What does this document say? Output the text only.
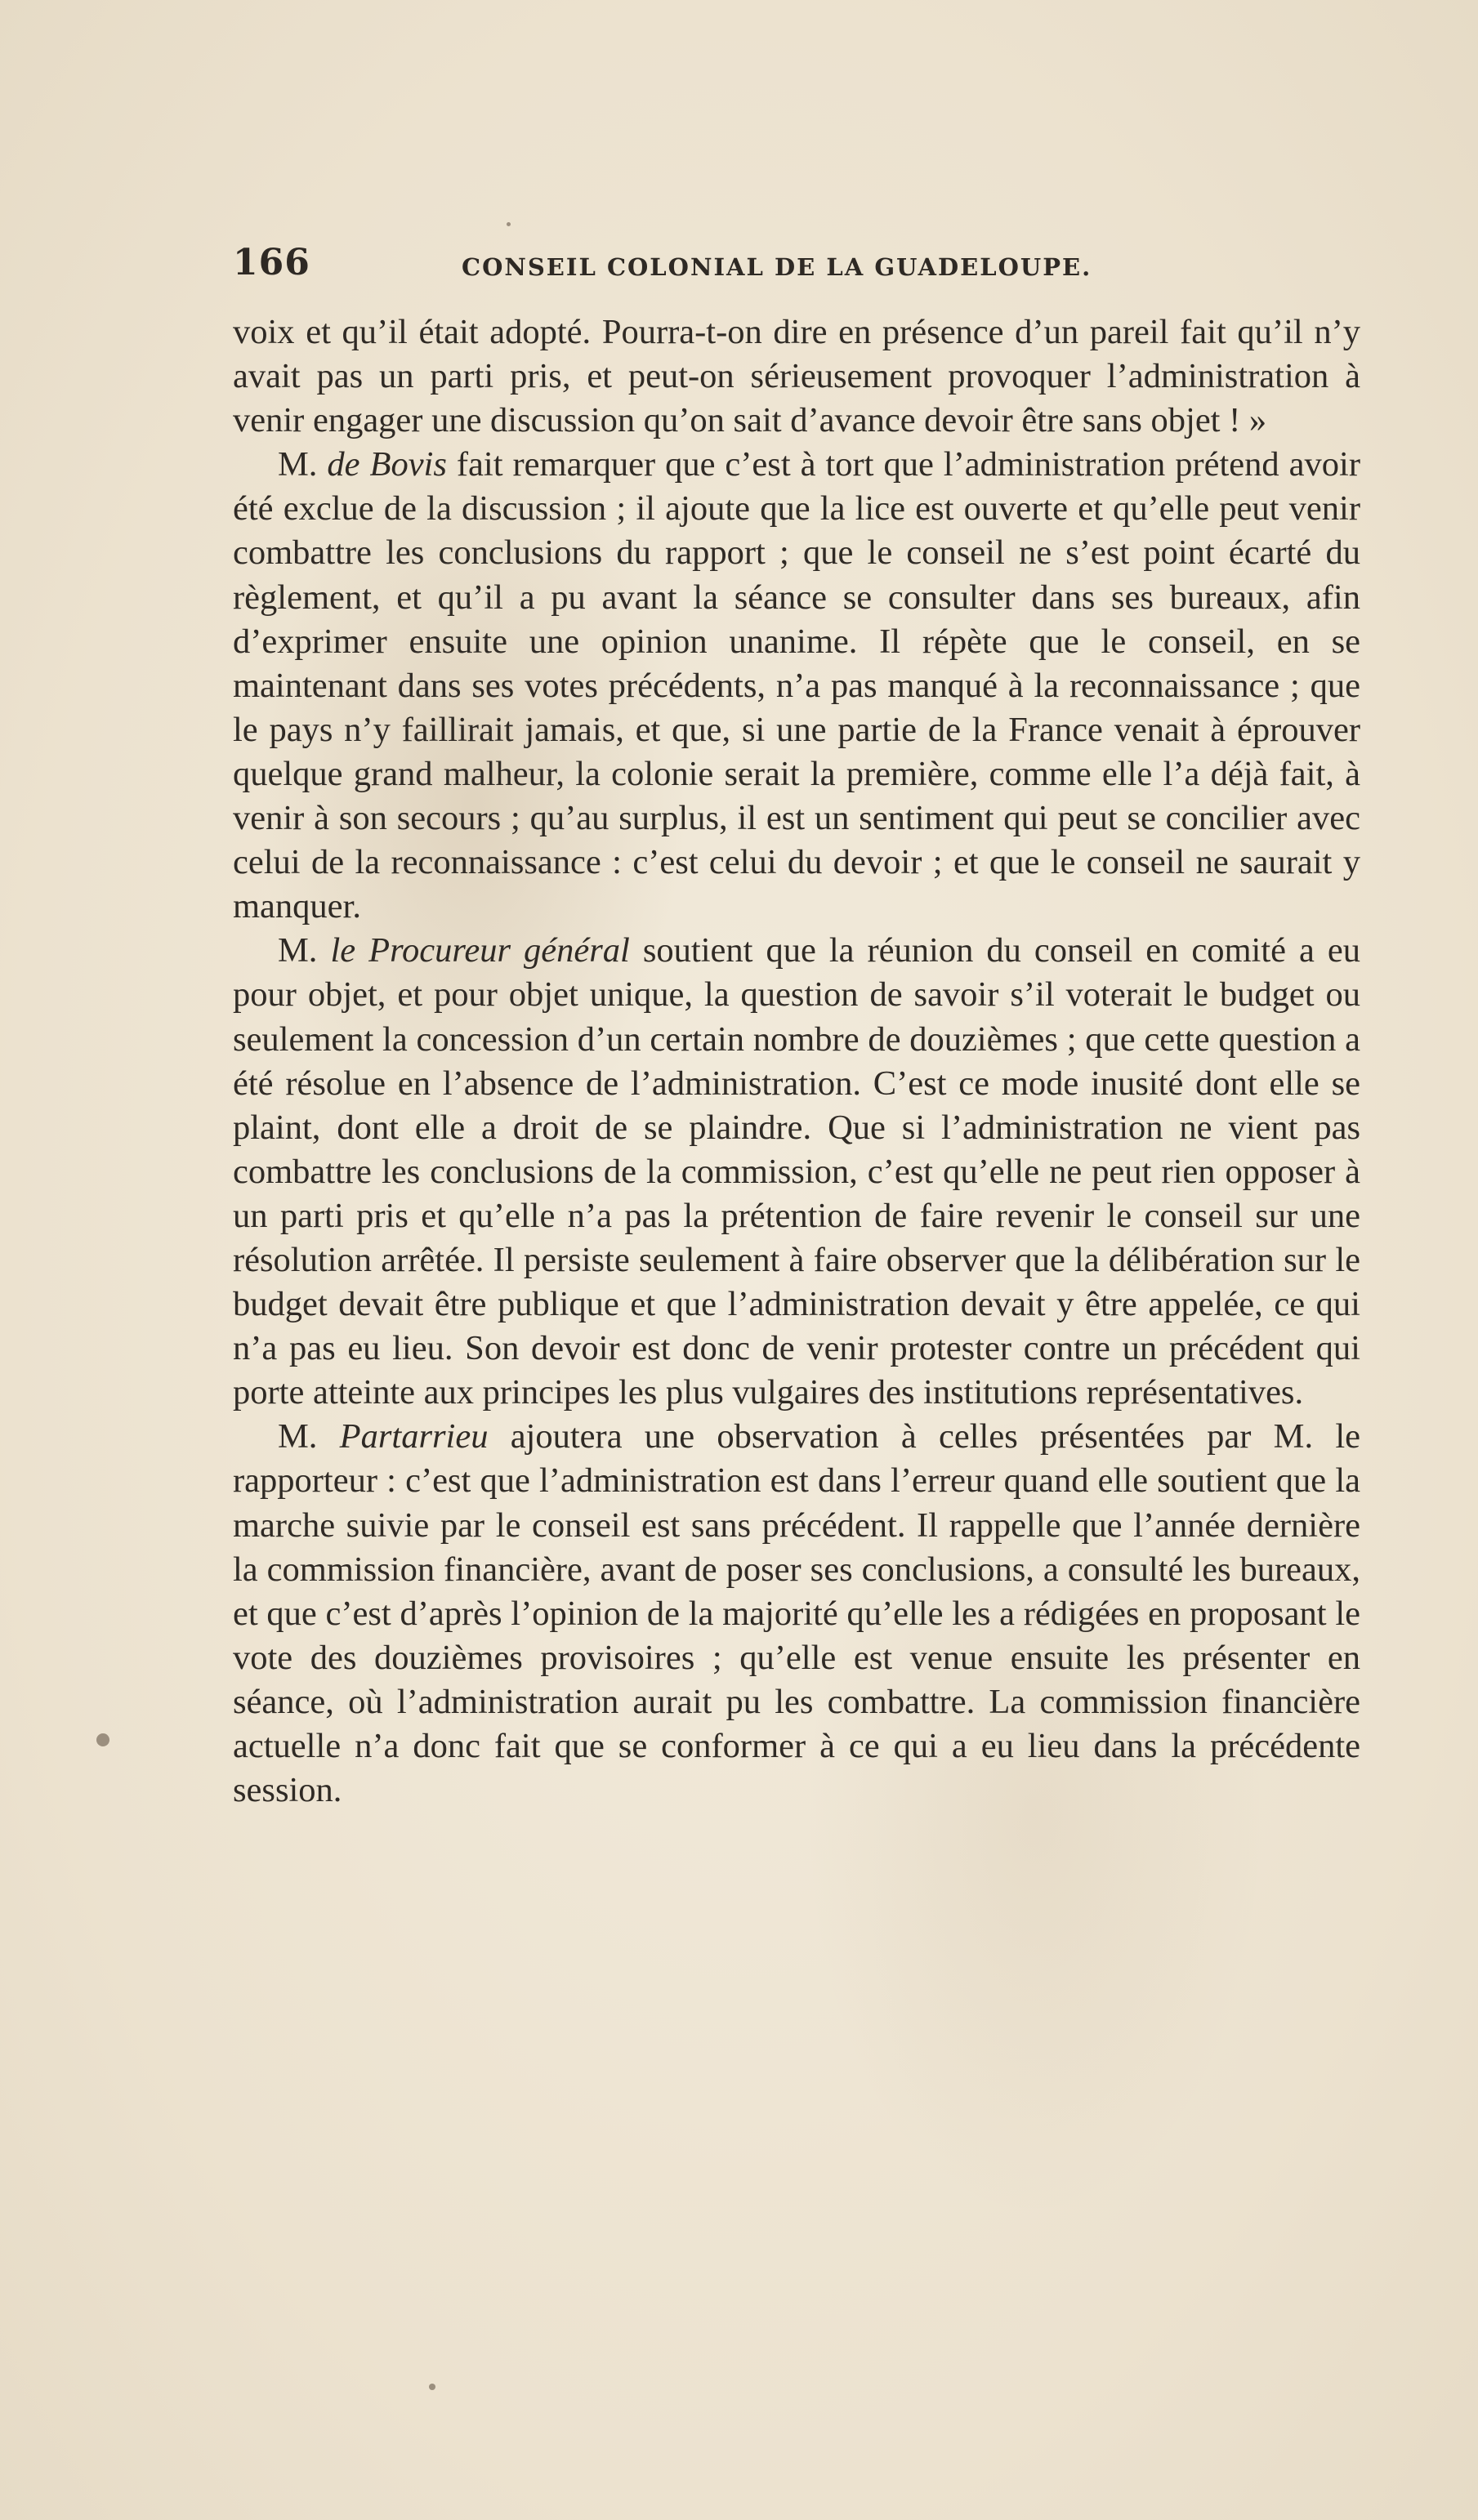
166	CONSEIL COLONIAL DE LA GUADELOUPE.

voix et qu’il était adopté. Pourra-t-on dire en présence d’un pareil fait qu’il n’y avait pas un parti pris, et peut-on sérieusement provoquer l’administration à venir engager une discussion qu’on sait d’avance devoir être sans objet ! »

M. de Bovis fait remarquer que c’est à tort que l’administration prétend avoir été exclue de la discussion ; il ajoute que la lice est ouverte et qu’elle peut venir combattre les conclusions du rapport ; que le conseil ne s’est point écarté du règlement, et qu’il a pu avant la séance se consulter dans ses bureaux, afin d’exprimer ensuite une opinion unanime. Il répète que le conseil, en se maintenant dans ses votes précédents, n’a pas manqué à la reconnaissance ; que le pays n’y faillirait jamais, et que, si une partie de la France venait à éprouver quelque grand malheur, la colonie serait la première, comme elle l’a déjà fait, à venir à son secours ; qu’au surplus, il est un sentiment qui peut se concilier avec celui de la reconnaissance : c’est celui du devoir ; et que le conseil ne saurait y manquer.

M. le Procureur général soutient que la réunion du conseil en comité a eu pour objet, et pour objet unique, la question de savoir s’il voterait le budget ou seulement la concession d’un certain nombre de douzièmes ; que cette question a été résolue en l’absence de l’administration. C’est ce mode inusité dont elle se plaint, dont elle a droit de se plaindre. Que si l’administration ne vient pas combattre les conclusions de la commission, c’est qu’elle ne peut rien opposer à un parti pris et qu’elle n’a pas la prétention de faire revenir le conseil sur une résolution arrêtée. Il persiste seulement à faire observer que la délibération sur le budget devait être publique et que l’administration devait y être appelée, ce qui n’a pas eu lieu. Son devoir est donc de venir protester contre un précédent qui porte atteinte aux principes les plus vulgaires des institutions représentatives.

M. Partarrieu ajoutera une observation à celles présentées par M. le rapporteur : c’est que l’administration est dans l’erreur quand elle soutient que la marche suivie par le conseil est sans précédent. Il rappelle que l’année dernière la commission financière, avant de poser ses conclusions, a consulté les bureaux, et que c’est d’après l’opinion de la majorité qu’elle les a rédigées en proposant le vote des douzièmes provisoires ; qu’elle est venue ensuite les présenter en séance, où l’administration aurait pu les combattre. La commission financière actuelle n’a donc fait que se conformer à ce qui a eu lieu dans la précédente session.
